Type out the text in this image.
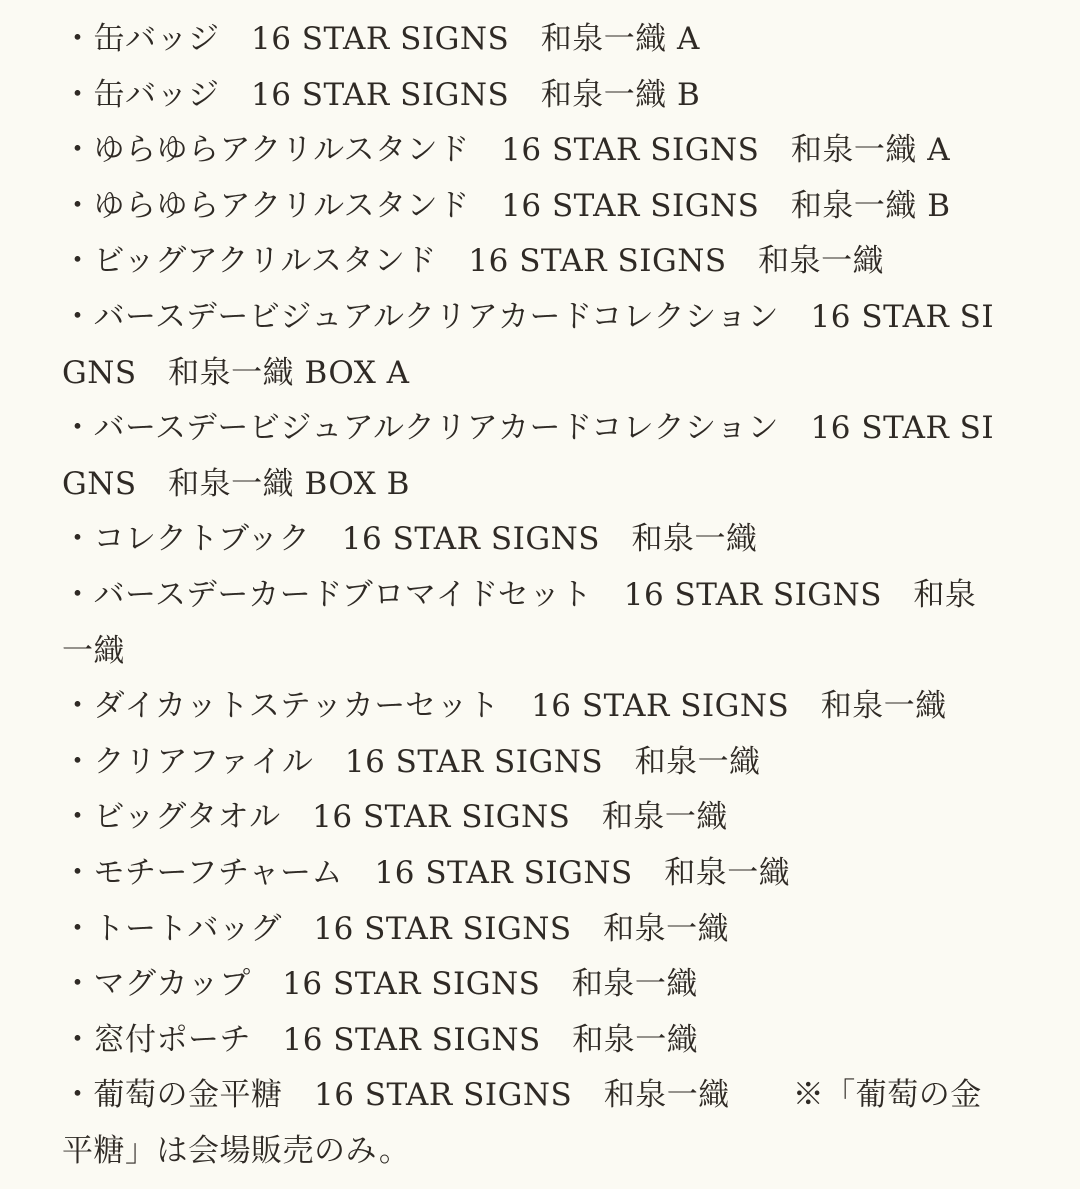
・缶バッジ　16 STAR SIGNS　和泉一織 A
・缶バッジ　16 STAR SIGNS　和泉一織 B
・ゆらゆらアクリルスタンド　16 STAR SIGNS　和泉一織 A
・ゆらゆらアクリルスタンド　16 STAR SIGNS　和泉一織 B
・ビッグアクリルスタンド　16 STAR SIGNS　和泉一織
・バースデービジュアルクリアカードコレクション　16 STAR SIGNS　和泉一織 BOX A
・バースデービジュアルクリアカードコレクション　16 STAR SIGNS　和泉一織 BOX B
・コレクトブック　16 STAR SIGNS　和泉一織
・バースデーカードブロマイドセット　16 STAR SIGNS　和泉一織
・ダイカットステッカーセット　16 STAR SIGNS　和泉一織
・クリアファイル　16 STAR SIGNS　和泉一織
・ビッグタオル　16 STAR SIGNS　和泉一織
・モチーフチャーム　16 STAR SIGNS　和泉一織
・トートバッグ　16 STAR SIGNS　和泉一織
・マグカップ　16 STAR SIGNS　和泉一織
・窓付ポーチ　16 STAR SIGNS　和泉一織
・葡萄の金平糖　16 STAR SIGNS　和泉一織　　※「葡萄の金平糖」は会場販売のみ。
